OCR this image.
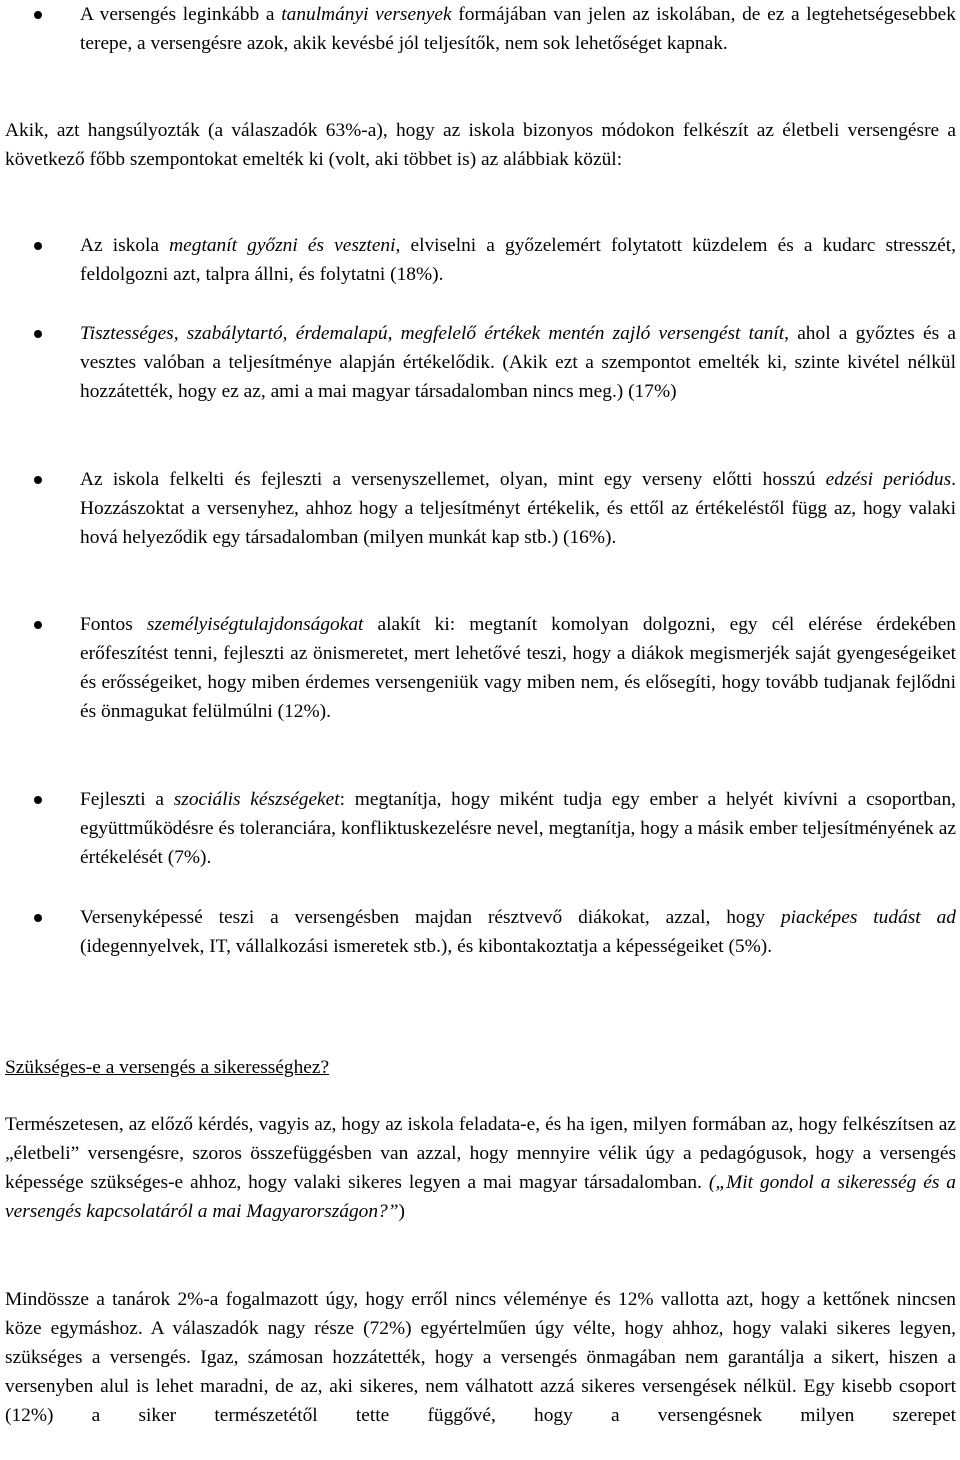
A versengés leginkább a tanulmányi versenyek formájában van jelen az iskolában, de ez a legtehetségesebbek terepe, a versengésre azok, akik kevésbé jól teljesítők, nem sok lehetőséget kapnak.

Akik, azt hangsúlyozták (a válaszadók 63%-a), hogy az iskola bizonyos módokon felkészít az életbeli versengésre a következő főbb szempontokat emelték ki (volt, aki többet is) az alábbiak közül:

Az iskola megtanít győzni és veszteni, elviselni a győzelemért folytatott küzdelem és a kudarc stresszét, feldolgozni azt, talpra állni, és folytatni (18%).

Tisztességes, szabálytartó, érdemalapú, megfelelő értékek mentén zajló versengést tanít, ahol a győztes és a vesztes valóban a teljesítménye alapján értékelődik. (Akik ezt a szempontot emelték ki, szinte kivétel nélkül hozzátették, hogy ez az, ami a mai magyar társadalomban nincs meg.) (17%)

Az iskola felkelti és fejleszti a versenyszellemet, olyan, mint egy verseny előtti hosszú edzési periódus. Hozzászoktat a versenyhez, ahhoz hogy a teljesítményt értékelik, és ettől az értékeléstől függ az, hogy valaki hová helyeződik egy társadalomban (milyen munkát kap stb.) (16%).

Fontos személyiségtulajdonságokat alakít ki: megtanít komolyan dolgozni, egy cél elérése érdekében erőfeszítést tenni, fejleszti az önismeretet, mert lehetővé teszi, hogy a diákok megismerjék saját gyengeségeiket és erősségeiket, hogy miben érdemes versengeniük vagy miben nem, és elősegíti, hogy tovább tudjanak fejlődni és önmagukat felülmúlni (12%).

Fejleszti a szociális készségeket: megtanítja, hogy miként tudja egy ember a helyét kivívni a csoportban, együttműködésre és toleranciára, konfliktuskezelésre nevel, megtanítja, hogy a másik ember teljesítményének az értékelését (7%).

Versenyképessé teszi a versengésben majdan résztvevő diákokat, azzal, hogy piacképes tudást ad (idegennyelvek, IT, vállalkozási ismeretek stb.), és kibontakoztatja a képességeiket (5%).

Szükséges-e a versengés a sikerességhez?

Természetesen, az előző kérdés, vagyis az, hogy az iskola feladata-e, és ha igen, milyen formában az, hogy felkészítsen az „életbeli” versengésre, szoros összefüggésben van azzal, hogy mennyire vélik úgy a pedagógusok, hogy a versengés képessége szükséges-e ahhoz, hogy valaki sikeres legyen a mai magyar társadalomban. („Mit gondol a sikeresség és a versengés kapcsolatáról a mai Magyarországon?”)

Mindössze a tanárok 2%-a fogalmazott úgy, hogy erről nincs véleménye és 12% vallotta azt, hogy a kettőnek nincsen köze egymáshoz. A válaszadók nagy része (72%) egyértelműen úgy vélte, hogy ahhoz, hogy valaki sikeres legyen, szükséges a versengés. Igaz, számosan hozzátették, hogy a versengés önmagában nem garantálja a sikert, hiszen a versenyben alul is lehet maradni, de az, aki sikeres, nem válhatott azzá sikeres versengések nélkül. Egy kisebb csoport (12%) a siker természetétől tette függővé, hogy a versengésnek milyen szerepet
